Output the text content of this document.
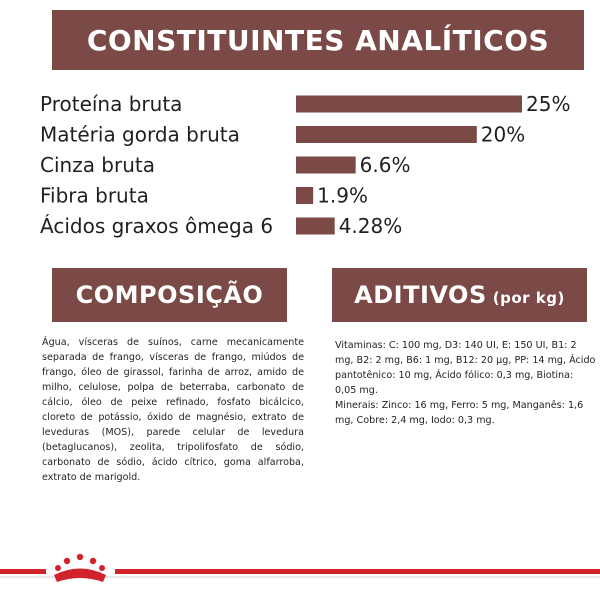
CONSTITUINTES ANALÍTICOS
Proteína bruta	25%
Matéria gorda bruta	20%
Cinza bruta	6.6%
Fibra bruta	1.9%
Ácidos graxos ômega 6	4.28%
COMPOSIÇÃO
Água, vísceras de suínos, carne mecanicamente separada de frango, vísceras de frango, miúdos de frango, óleo de girassol, farinha de arroz, amido de milho, celulose, polpa de beterraba, carbonato de cálcio, óleo de peixe refinado, fosfato bicálcico, cloreto de potássio, óxido de magnésio, extrato de leveduras (MOS), parede celular de levedura (betaglucanos), zeolita, tripolifosfato de sódio, carbonato de sódio, ácido cítrico, goma alfarroba, extrato de marigold.
ADITIVOS (por kg)

Vitaminas: C: 100 mg, D3: 140 UI, E: 150 UI, B1: 2 mg, B2: 2 mg, B6: 1 mg, B12: 20 µg, PP: 14 mg, Ácido pantotênico: 10 mg, Ácido fólico: 0,3 mg, Biotina: 0,05 mg.

Minerais: Zinco: 16 mg, Ferro: 5 mg, Manganês: 1,6 mg, Cobre: 2,4 mg, Iodo: 0,3 mg.
